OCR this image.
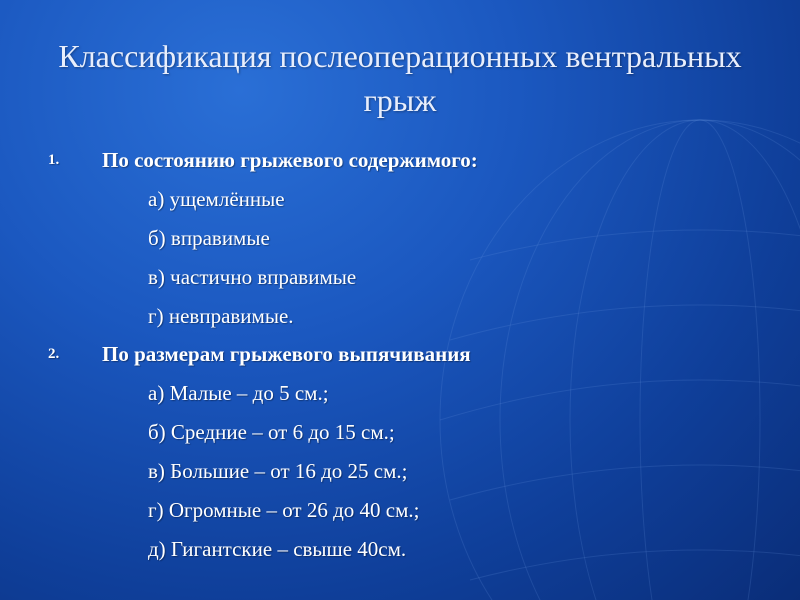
Классификация послеоперационных вентральных
грыж
1. По состоянию грыжевого содержимого:
а) ущемлённые
б) вправимые
в) частично вправимые
г) невправимые.
2. По размерам грыжевого выпячивания
а) Малые – до 5 см.;
б) Средние – от 6 до 15 см.;
в) Большие – от 16 до 25 см.;
г) Огромные – от 26 до 40 см.;
д) Гигантские – свыше 40см.
